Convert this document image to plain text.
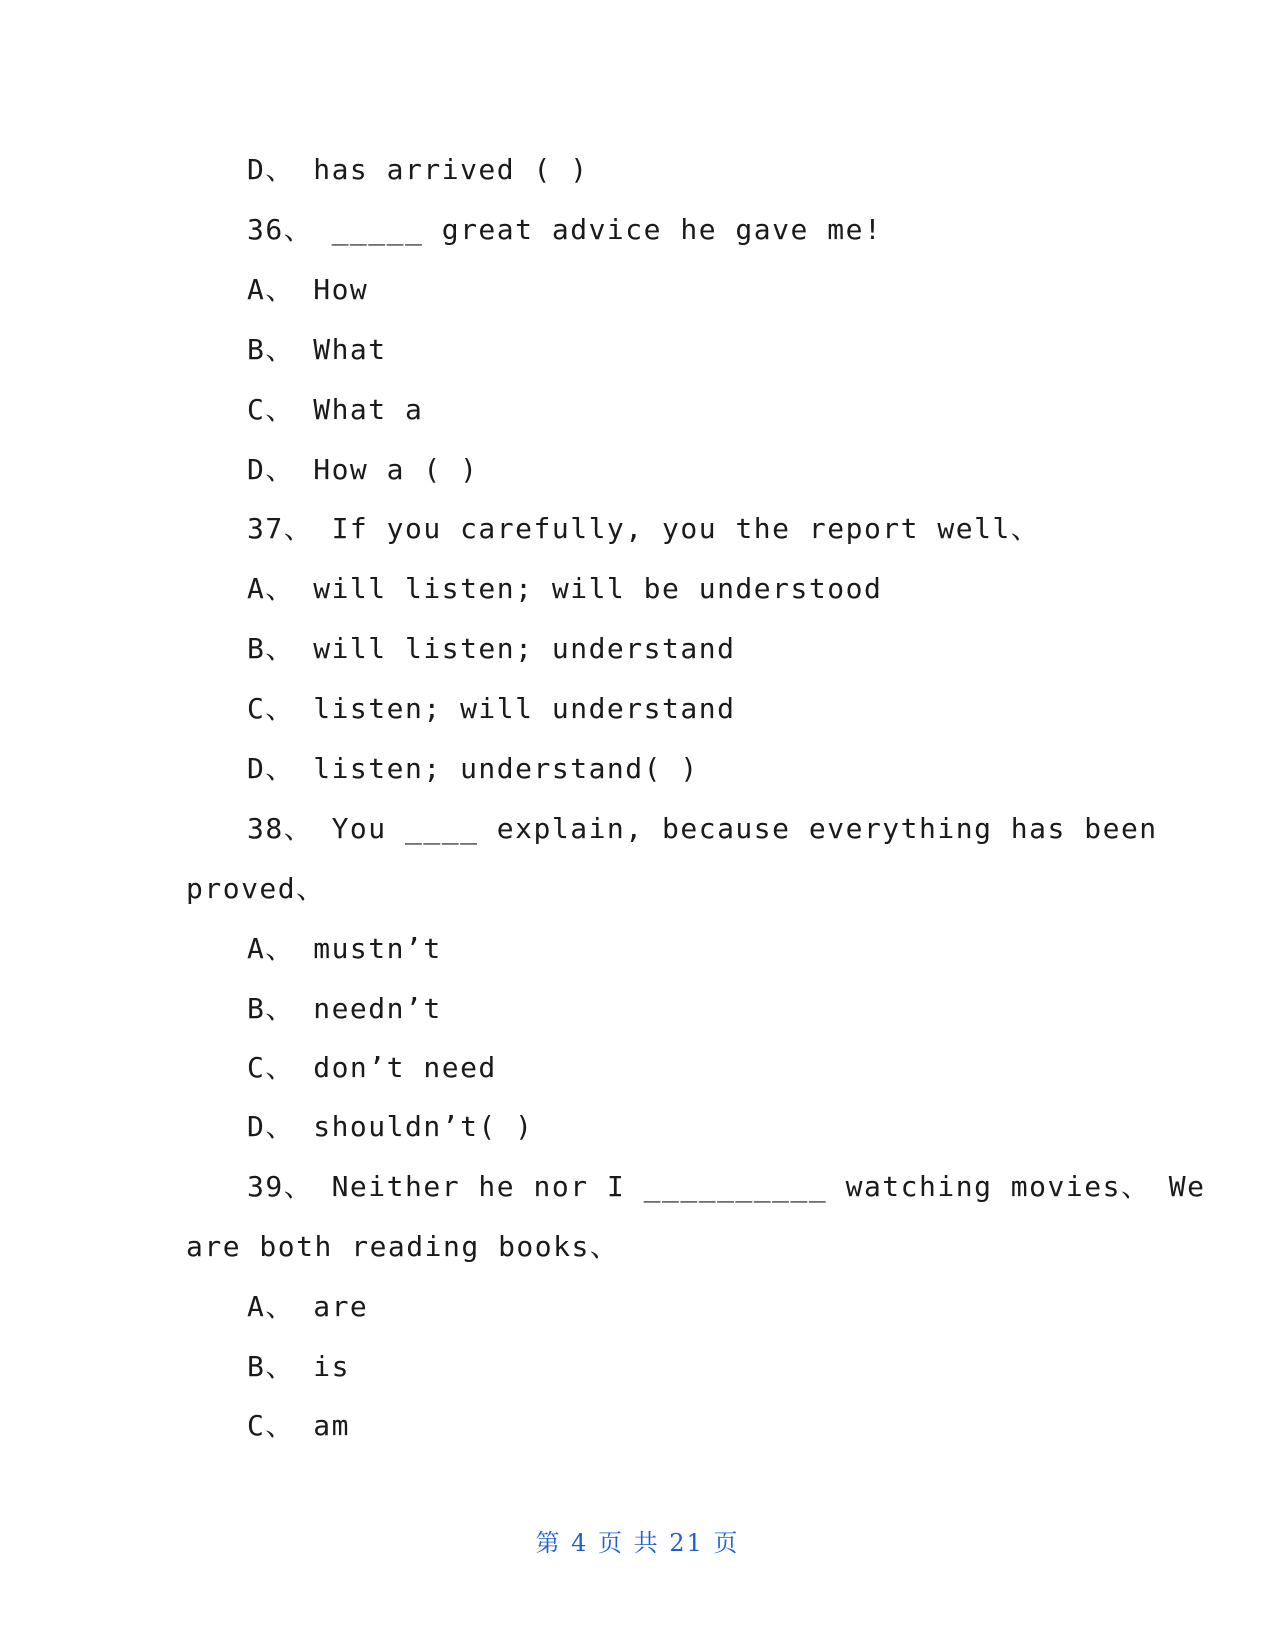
D、 has arrived ( )
36、 _____ great advice he gave me!
A、 How
B、 What
C、 What a
D、 How a ( )
37、 If you carefully, you the report well、
A、 will listen; will be understood
B、 will listen; understand
C、 listen; will understand
D、 listen; understand( )
38、 You ____ explain, because everything has been
proved、
A、 mustn’t
B、 needn’t
C、 don’t need
D、 shouldn’t( )
39、 Neither he nor I __________ watching movies、 We
are both reading books、
A、 are
B、 is
C、 am
第 4 页 共 21 页
